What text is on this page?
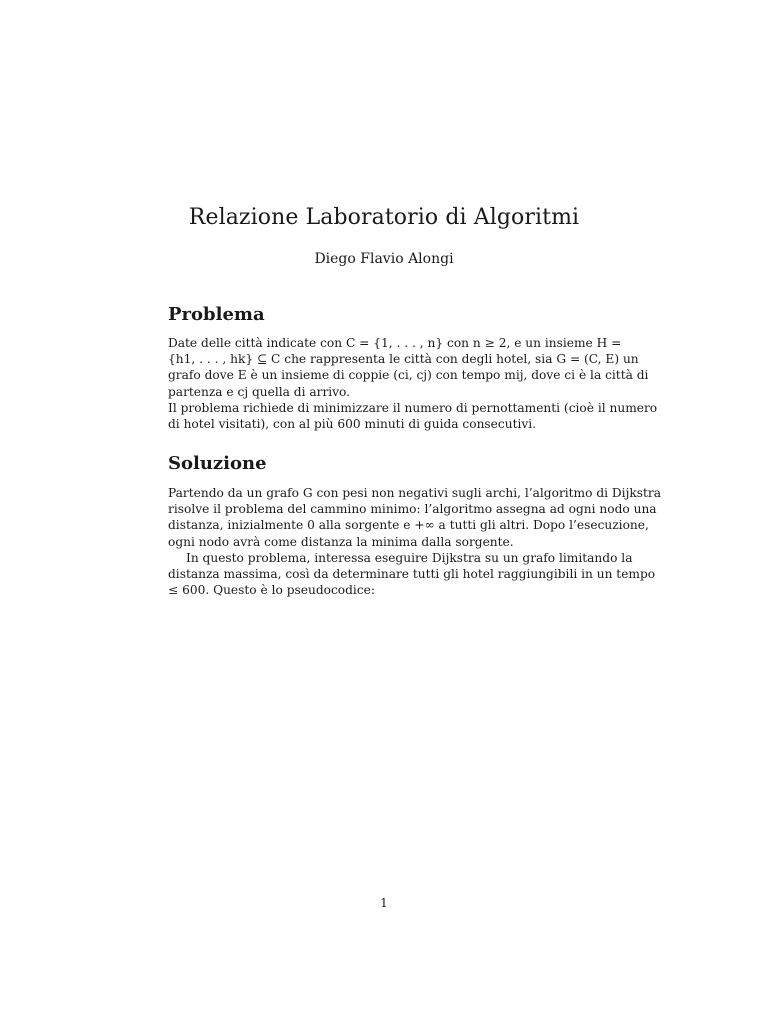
Relazione Laboratorio di Algoritmi
Diego Flavio Alongi
Problema
Date delle città indicate con C = {1, . . . , n} con n ≥ 2, e un insieme H =
{h1, . . . , hk} ⊆ C che rappresenta le città con degli hotel, sia G = (C, E) un
grafo dove E è un insieme di coppie (ci, cj) con tempo mij, dove ci è la città di
partenza e cj quella di arrivo.
Il problema richiede di minimizzare il numero di pernottamenti (cioè il numero
di hotel visitati), con al più 600 minuti di guida consecutivi.
Soluzione
Partendo da un grafo G con pesi non negativi sugli archi, l’algoritmo di Dijkstra
risolve il problema del cammino minimo: l’algoritmo assegna ad ogni nodo una
distanza, inizialmente 0 alla sorgente e +∞ a tutti gli altri. Dopo l’esecuzione,
ogni nodo avrà come distanza la minima dalla sorgente.
In questo problema, interessa eseguire Dijkstra su un grafo limitando la
distanza massima, così da determinare tutti gli hotel raggiungibili in un tempo
≤ 600. Questo è lo pseudocodice:
1
